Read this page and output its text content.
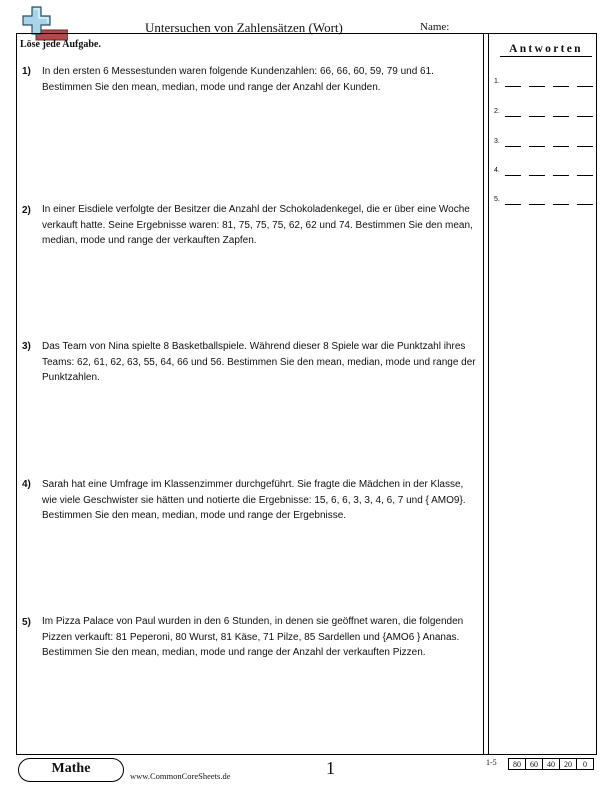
Untersuchen von Zahlensätzen (Wort)	Name:
Löse jede Aufgabe.
1) In den ersten 6 Messestunden waren folgende Kundenzahlen: 66, 66, 60, 59, 79 und 61. Bestimmen Sie den mean, median, mode und range der Anzahl der Kunden.
2) In einer Eisdiele verfolgte der Besitzer die Anzahl der Schokoladenkegel, die er über eine Woche verkauft hatte. Seine Ergebnisse waren: 81, 75, 75, 75, 62, 62 und 74. Bestimmen Sie den mean, median, mode und range der verkauften Zapfen.
3) Das Team von Nina spielte 8 Basketballspiele. Während dieser 8 Spiele war die Punktzahl ihres Teams: 62, 61, 62, 63, 55, 64, 66 und 56. Bestimmen Sie den mean, median, mode und range der Punktzahlen.
4) Sarah hat eine Umfrage im Klassenzimmer durchgeführt. Sie fragte die Mädchen in der Klasse, wie viele Geschwister sie hätten und notierte die Ergebnisse: 15, 6, 6, 3, 3, 4, 6, 7 und { AMO9}. Bestimmen Sie den mean, median, mode und range der Ergebnisse.
5) Im Pizza Palace von Paul wurden in den 6 Stunden, in denen sie geöffnet waren, die folgenden Pizzen verkauft: 81 Peperoni, 80 Wurst, 81 Käse, 71 Pilze, 85 Sardellen und {AMO6 } Ananas. Bestimmen Sie den mean, median, mode und range der Anzahl der verkauften Pizzen.
Antworten
1.
2.
3.
4.
5.
Mathe	www.CommonCoreSheets.de	1	1-5 80	60	40	20	0
